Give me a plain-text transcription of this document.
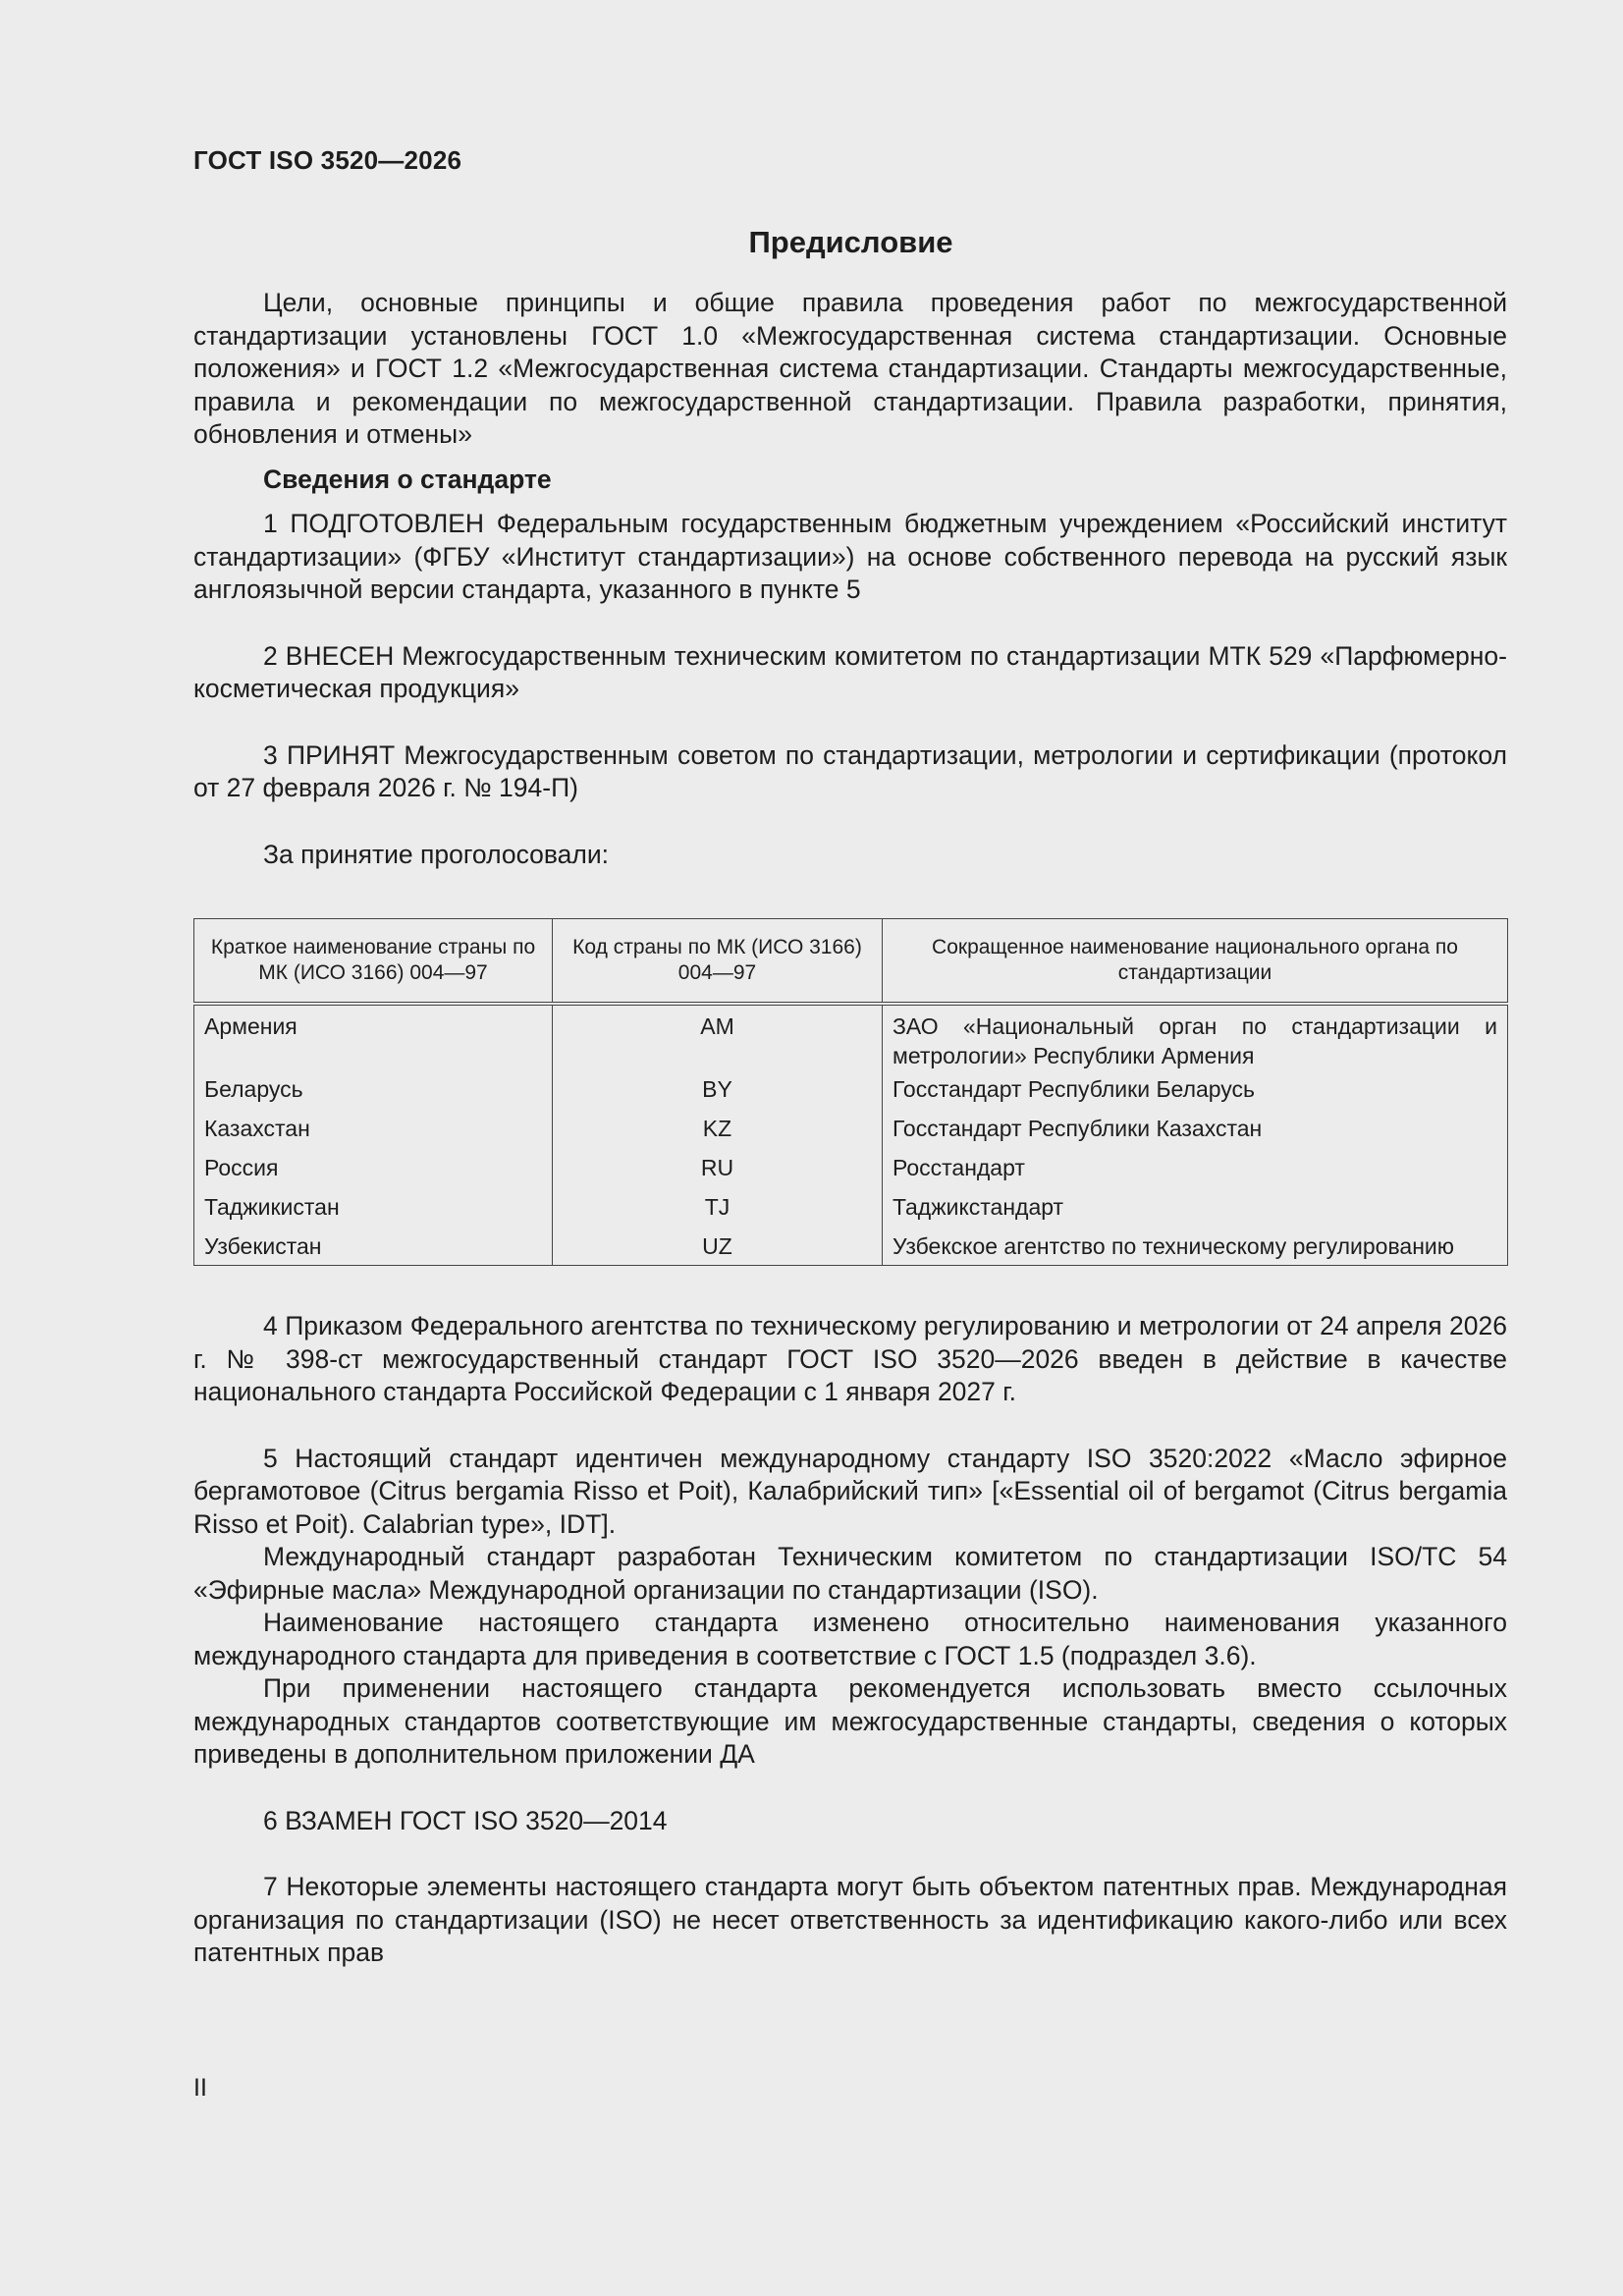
ГОСТ ISO 3520—2026
Предисловие

Цели, основные принципы и общие правила проведения работ по межгосударственной стандартизации установлены ГОСТ 1.0 «Межгосударственная система стандартизации. Основные положения» и ГОСТ 1.2 «Межгосударственная система стандартизации. Стандарты межгосударственные, правила и рекомендации по межгосударственной стандартизации. Правила разработки, принятия, обновления и отмены»

Сведения о стандарте

1 ПОДГОТОВЛЕН Федеральным государственным бюджетным учреждением «Российский институт стандартизации» (ФГБУ «Институт стандартизации») на основе собственного перевода на русский язык англоязычной версии стандарта, указанного в пункте 5

2 ВНЕСЕН Межгосударственным техническим комитетом по стандартизации МТК 529 «Парфюмерно-косметическая продукция»

3 ПРИНЯТ Межгосударственным советом по стандартизации, метрологии и сертификации (протокол от 27 февраля 2026 г. № 194-П)

За принятие проголосовали:

Краткое наименование страны по МК (ИСО 3166) 004—97	Код страны по МК (ИСО 3166) 004—97	Сокращенное наименование национального органа по стандартизации
Армения	AM	ЗАО «Национальный орган по стандартизации и метрологии» Республики Армения
Беларусь	BY	Госстандарт Республики Беларусь
Казахстан	KZ	Госстандарт Республики Казахстан
Россия	RU	Росстандарт
Таджикистан	TJ	Таджикстандарт
Узбекистан	UZ	Узбекское агентство по техническому регулированию

4 Приказом Федерального агентства по техническому регулированию и метрологии от 24 апреля 2026 г. № 398-ст межгосударственный стандарт ГОСТ ISO 3520—2026 введен в действие в качестве национального стандарта Российской Федерации с 1 января 2027 г.

5 Настоящий стандарт идентичен международному стандарту ISO 3520:2022 «Масло эфирное бергамотовое (Citrus bergamia Risso et Poit), Калабрийский тип» [«Essential oil of bergamot (Citrus bergamia Risso et Poit). Calabrian type», IDT].

Международный стандарт разработан Техническим комитетом по стандартизации ISO/TC 54 «Эфирные масла» Международной организации по стандартизации (ISO).

Наименование настоящего стандарта изменено относительно наименования указанного международного стандарта для приведения в соответствие с ГОСТ 1.5 (подраздел 3.6).

При применении настоящего стандарта рекомендуется использовать вместо ссылочных международных стандартов соответствующие им межгосударственные стандарты, сведения о которых приведены в дополнительном приложении ДА

6 ВЗАМЕН ГОСТ ISO 3520—2014

7 Некоторые элементы настоящего стандарта могут быть объектом патентных прав. Международная организация по стандартизации (ISO) не несет ответственность за идентификацию какого-либо или всех патентных прав

II
